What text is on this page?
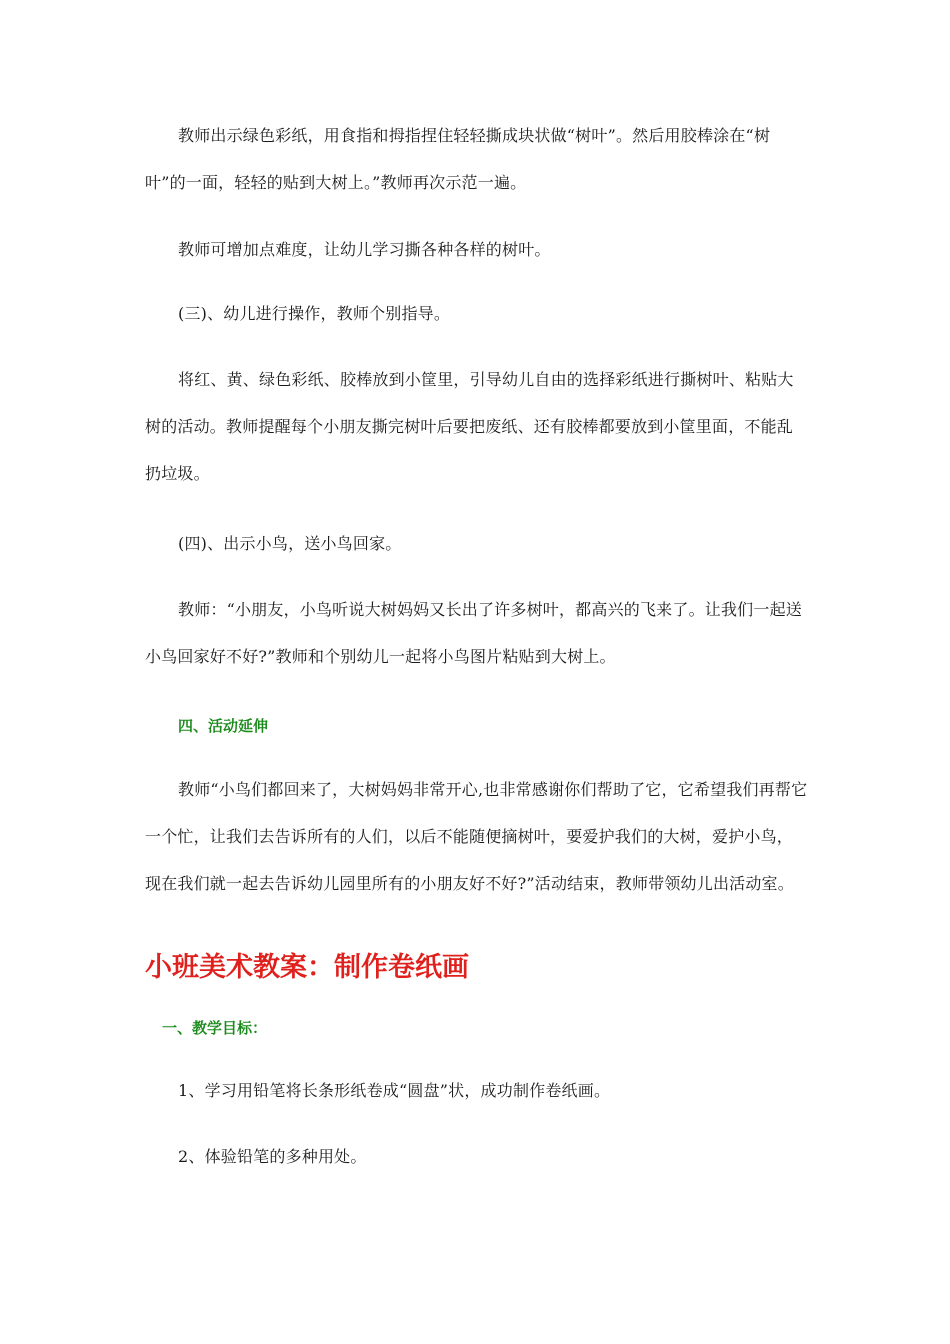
教师出示绿色彩纸，用食指和拇指捏住轻轻撕成块状做“树叶”。然后用胶棒涂在“树叶”的一面，轻轻的贴到大树上。”教师再次示范一遍。

教师可增加点难度，让幼儿学习撕各种各样的树叶。

(三)、幼儿进行操作，教师个别指导。

将红、黄、绿色彩纸、胶棒放到小筐里，引导幼儿自由的选择彩纸进行撕树叶、粘贴大树的活动。教师提醒每个小朋友撕完树叶后要把废纸、还有胶棒都要放到小筐里面，不能乱扔垃圾。

(四)、出示小鸟，送小鸟回家。

教师：“小朋友，小鸟听说大树妈妈又长出了许多树叶，都高兴的飞来了。让我们一起送小鸟回家好不好?”教师和个别幼儿一起将小鸟图片粘贴到大树上。

四、活动延伸

教师“小鸟们都回来了，大树妈妈非常开心,也非常感谢你们帮助了它，它希望我们再帮它一个忙，让我们去告诉所有的人们，以后不能随便摘树叶，要爱护我们的大树，爱护小鸟，现在我们就一起去告诉幼儿园里所有的小朋友好不好?”活动结束，教师带领幼儿出活动室。

小班美术教案：制作卷纸画
一、教学目标：

1、学习用铅笔将长条形纸卷成“圆盘”状，成功制作卷纸画。

2、体验铅笔的多种用处。
